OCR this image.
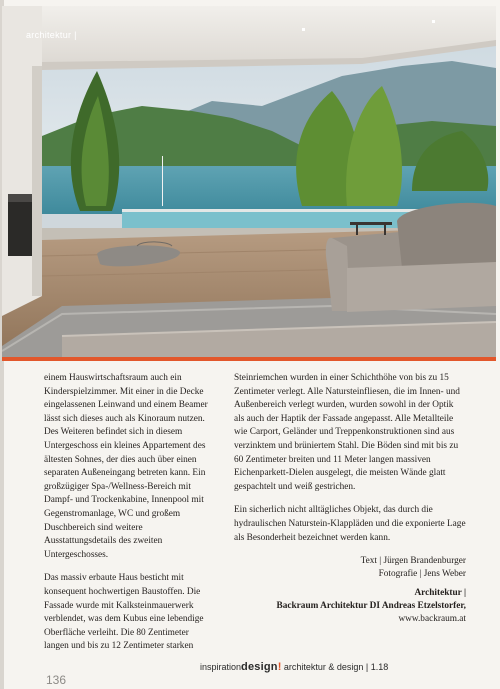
architektur |

einem Hauswirtschaftsraum auch ein Kinderspielzimmer. Mit einer in die Decke eingelassenen Leinwand und einem Beamer lässt sich dieses auch als Kinoraum nutzen. Des Weiteren befindet sich in diesem Untergeschoss ein kleines Appartement des ältesten Sohnes, der dies auch über einen separaten Außeneingang betreten kann. Ein großzügiger Spa-/Wellness-Bereich mit Dampf- und Trockenkabine, Innenpool mit Gegenstromanlage, WC und großem Duschbereich sind weitere Ausstattungsdetails des zweiten Untergeschosses.

Das massiv erbaute Haus besticht mit konsequent hochwertigen Baustoffen. Die Fassade wurde mit Kalksteinmauerwerk verblendet, was dem Kubus eine lebendige Oberfläche verleiht. Die 80 Zentimeter langen und bis zu 12 Zentimeter starken

Steinriemchen wurden in einer Schichthöhe von bis zu 15 Zentimeter verlegt. Alle Natursteinfliesen, die im Innen- und Außenbereich verlegt wurden, wurden sowohl in der Optik als auch der Haptik der Fassade angepasst. Alle Metallteile wie Carport, Geländer und Treppenkonstruktionen sind aus verzinktem und brüniertem Stahl. Die Böden sind mit bis zu 60 Zentimeter breiten und 11 Meter langen massiven Eichenparkett-Dielen ausgelegt, die meisten Wände glatt gespachtelt und weiß gestrichen.

Ein sicherlich nicht alltägliches Objekt, das durch die hydraulischen Naturstein-Klappläden und die exponierte Lage als Besonderheit bezeichnet werden kann.

Text | Jürgen Brandenburger
Fotografie | Jens Weber
Architektur |
Backraum Architektur DI Andreas Etzelstorfer,
www.backraum.at
inspirationdesign! architektur & design | 1.18
136
